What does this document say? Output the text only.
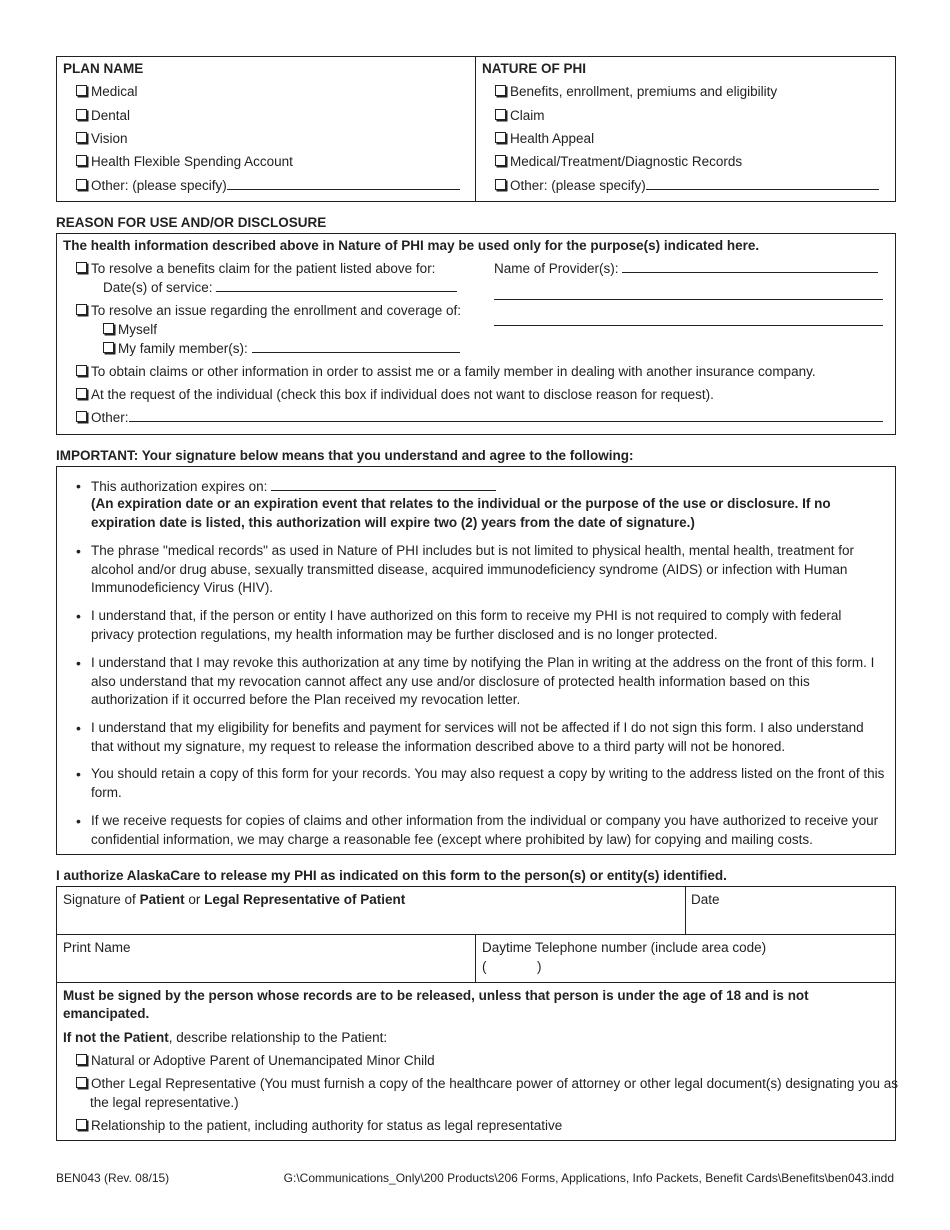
PLAN NAME
Medical
Dental
Vision
Health Flexible Spending Account
Other: (please specify)
NATURE OF PHI
Benefits, enrollment, premiums and eligibility
Claim
Health Appeal
Medical/Treatment/Diagnostic Records
Other: (please specify)
REASON FOR USE AND/OR DISCLOSURE
The health information described above in Nature of PHI may be used only for the purpose(s) indicated here.
To resolve a benefits claim for the patient listed above for:
Date(s) of service:
Name of Provider(s):
To resolve an issue regarding the enrollment and coverage of:
Myself
My family member(s):
To obtain claims or other information in order to assist me or a family member in dealing with another insurance company.
At the request of the individual (check this box if individual does not want to disclose reason for request).
Other:
IMPORTANT: Your signature below means that you understand and agree to the following:
• This authorization expires on:
(An expiration date or an expiration event that relates to the individual or the purpose of the use or disclosure. If no expiration date is listed, this authorization will expire two (2) years from the date of signature.)
• The phrase "medical records" as used in Nature of PHI includes but is not limited to physical health, mental health, treatment for alcohol and/or drug abuse, sexually transmitted disease, acquired immunodeficiency syndrome (AIDS) or infection with Human Immunodeficiency Virus (HIV).
• I understand that, if the person or entity I have authorized on this form to receive my PHI is not required to comply with federal privacy protection regulations, my health information may be further disclosed and is no longer protected.
• I understand that I may revoke this authorization at any time by notifying the Plan in writing at the address on the front of this form. I also understand that my revocation cannot affect any use and/or disclosure of protected health information based on this authorization if it occurred before the Plan received my revocation letter.
• I understand that my eligibility for benefits and payment for services will not be affected if I do not sign this form. I also understand that without my signature, my request to release the information described above to a third party will not be honored.
• You should retain a copy of this form for your records. You may also request a copy by writing to the address listed on the front of this form.
• If we receive requests for copies of claims and other information from the individual or company you have authorized to receive your confidential information, we may charge a reasonable fee (except where prohibited by law) for copying and mailing costs.
I authorize AlaskaCare to release my PHI as indicated on this form to the person(s) or entity(s) identified.
Signature of Patient or Legal Representative of Patient	Date
Print Name	Daytime Telephone number (include area code)
(	)
Must be signed by the person whose records are to be released, unless that person is under the age of 18 and is not emancipated.
If not the Patient, describe relationship to the Patient:
Natural or Adoptive Parent of Unemancipated Minor Child
Other Legal Representative (You must furnish a copy of the healthcare power of attorney or other legal document(s) designating you as the legal representative.)
Relationship to the patient, including authority for status as legal representative
BEN043 (Rev. 08/15)	G:\Communications_Only\200 Products\206 Forms, Applications, Info Packets, Benefit Cards\Benefits\ben043.indd
